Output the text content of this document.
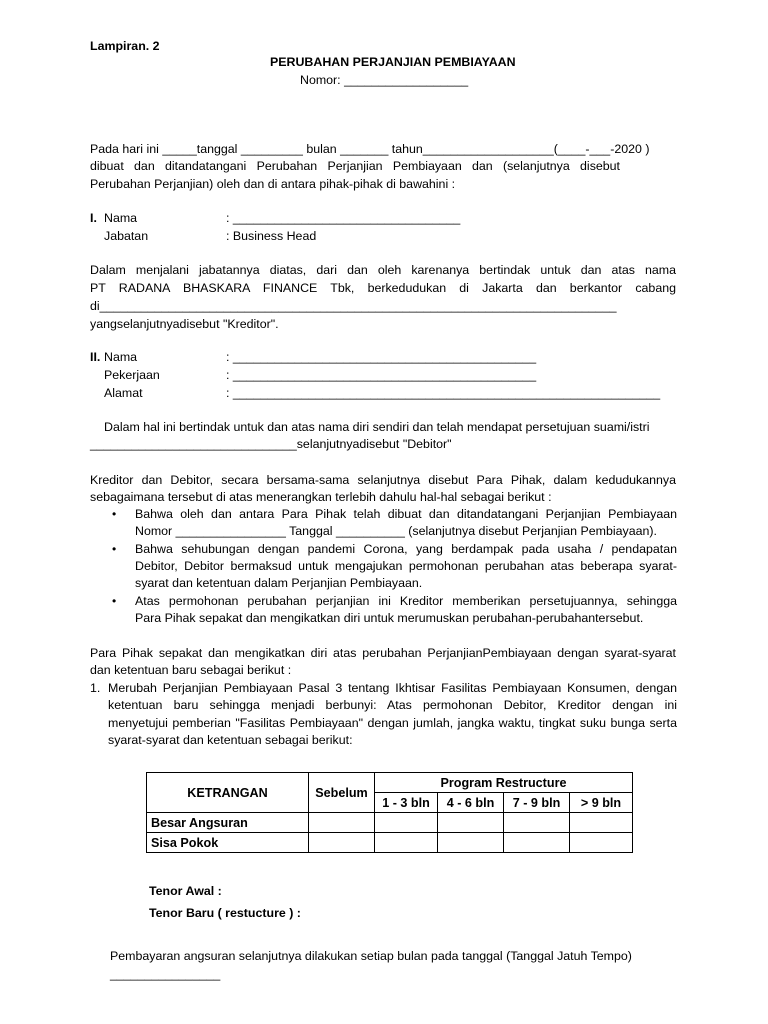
Lampiran. 2
PERUBAHAN PERJANJIAN PEMBIAYAAN
Nomor: __________________
Pada hari ini _____tanggal _________ bulan _______ tahun___________________(____-___-2020 )
dibuat dan ditandatangani Perubahan Perjanjian Pembiayaan dan (selanjutnya disebut
Perubahan Perjanjian) oleh dan di antara pihak-pihak di bawahini :
I. Nama	: _________________________________
Jabatan	: Business Head
Dalam menjalani jabatannya diatas, dari dan oleh karenanya bertindak untuk dan atas nama
PT RADANA BHASKARA FINANCE Tbk, berkedudukan di Jakarta dan berkantor cabang
di___________________________________________________________________________
yangselanjutnyadisebut "Kreditor".
II. Nama	: ____________________________________________
Pekerjaan	: ____________________________________________
Alamat	: ______________________________________________________________
Dalam hal ini bertindak untuk dan atas nama diri sendiri dan telah mendapat persetujuan suami/istri
______________________________selanjutnyadisebut "Debitor"
Kreditor dan Debitor, secara bersama-sama selanjutnya disebut Para Pihak, dalam kedudukannya
sebagaimana tersebut di atas menerangkan terlebih dahulu hal-hal sebagai berikut :
• Bahwa oleh dan antara Para Pihak telah dibuat dan ditandatangani Perjanjian Pembiayaan
Nomor ________________ Tanggal __________ (selanjutnya disebut Perjanjian Pembiayaan).
• Bahwa sehubungan dengan pandemi Corona, yang berdampak pada usaha / pendapatan
Debitor, Debitor bermaksud untuk mengajukan permohonan perubahan atas beberapa syarat-
syarat dan ketentuan dalam Perjanjian Pembiayaan.
• Atas permohonan perubahan perjanjian ini Kreditor memberikan persetujuannya, sehingga
Para Pihak sepakat dan mengikatkan diri untuk merumuskan perubahan-perubahantersebut.
Para Pihak sepakat dan mengikatkan diri atas perubahan PerjanjianPembiayaan dengan syarat-syarat
dan ketentuan baru sebagai berikut :
1. Merubah Perjanjian Pembiayaan Pasal 3 tentang Ikhtisar Fasilitas Pembiayaan Konsumen, dengan
ketentuan baru sehingga menjadi berbunyi: Atas permohonan Debitor, Kreditor dengan ini
menyetujui pemberian "Fasilitas Pembiayaan" dengan jumlah, jangka waktu, tingkat suku bunga serta
syarat-syarat dan ketentuan sebagai berikut:
KETRANGAN	Sebelum	Program Restructure			
		1 - 3 bln	4 - 6 bln	7 - 9 bln	> 9 bln
Besar Angsuran					
Sisa Pokok					
Tenor Awal :
Tenor Baru ( restucture ) :
Pembayaran angsuran selanjutnya dilakukan setiap bulan pada tanggal (Tanggal Jatuh Tempo)
________________
